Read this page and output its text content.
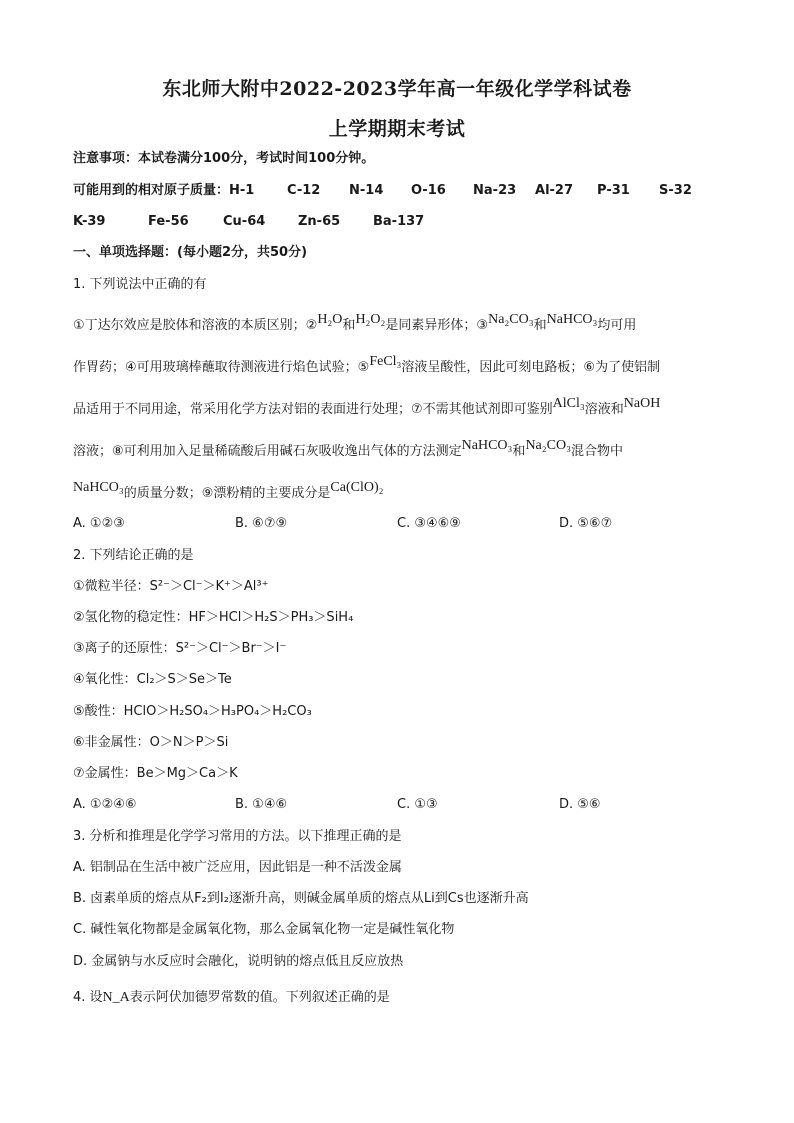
东北师大附中2022-2023学年高一年级化学学科试卷
上学期期末考试
注意事项：本试卷满分100分，考试时间100分钟。
可能用到的相对原子质量：H-1	C-12 N-14 O-16 Na-23 Al-27 P-31 S-32
K-39	Fe-56	Cu-64	Zn-65	Ba-137
一、单项选择题：(每小题2分，共50分)
1. 下列说法中正确的有
①丁达尔效应是胶体和溶液的本质区别；②H₂O和H₂O₂是同素异形体；③Na₂CO₃和NaHCO₃均可用
作胃药；④可用玻璃棒蘸取待测液进行焰色试验；⑤FeCl₃溶液呈酸性，因此可刻电路板；⑥为了使铝制
品适用于不同用途，常采用化学方法对铝的表面进行处理；⑦不需其他试剂即可鉴别AlCl₃溶液和NaOH
溶液；⑧可利用加入足量稀硫酸后用碱石灰吸收逸出气体的方法测定NaHCO₃和Na₂CO₃混合物中
NaHCO₃的质量分数；⑨漂粉精的主要成分是Ca(ClO)₂
A. ①②③	B. ⑥⑦⑨	C. ③④⑥⑨	D. ⑤⑥⑦
2. 下列结论正确的是
①微粒半径：S²⁻＞Cl⁻＞K⁺＞Al³⁺
②氢化物的稳定性：HF＞HCl＞H₂S＞PH₃＞SiH₄
③离子的还原性：S²⁻＞Cl⁻＞Br⁻＞I⁻
④氧化性：Cl₂＞S＞Se＞Te
⑤酸性：HClO＞H₂SO₄＞H₃PO₄＞H₂CO₃
⑥非金属性：O＞N＞P＞Si
⑦金属性：Be＞Mg＞Ca＞K
A. ①②④⑥	B. ①④⑥	C. ①③	D. ⑤⑥
3. 分析和推理是化学学习常用的方法。以下推理正确的是
A. 铝制品在生活中被广泛应用，因此铝是一种不活泼金属
B. 卤素单质的熔点从F₂到I₂逐渐升高，则碱金属单质的熔点从Li到Cs也逐渐升高
C. 碱性氧化物都是金属氧化物，那么金属氧化物一定是碱性氧化物
D. 金属钠与水反应时会融化，说明钠的熔点低且反应放热
4. 设N_A表示阿伏加德罗常数的值。下列叙述正确的是
